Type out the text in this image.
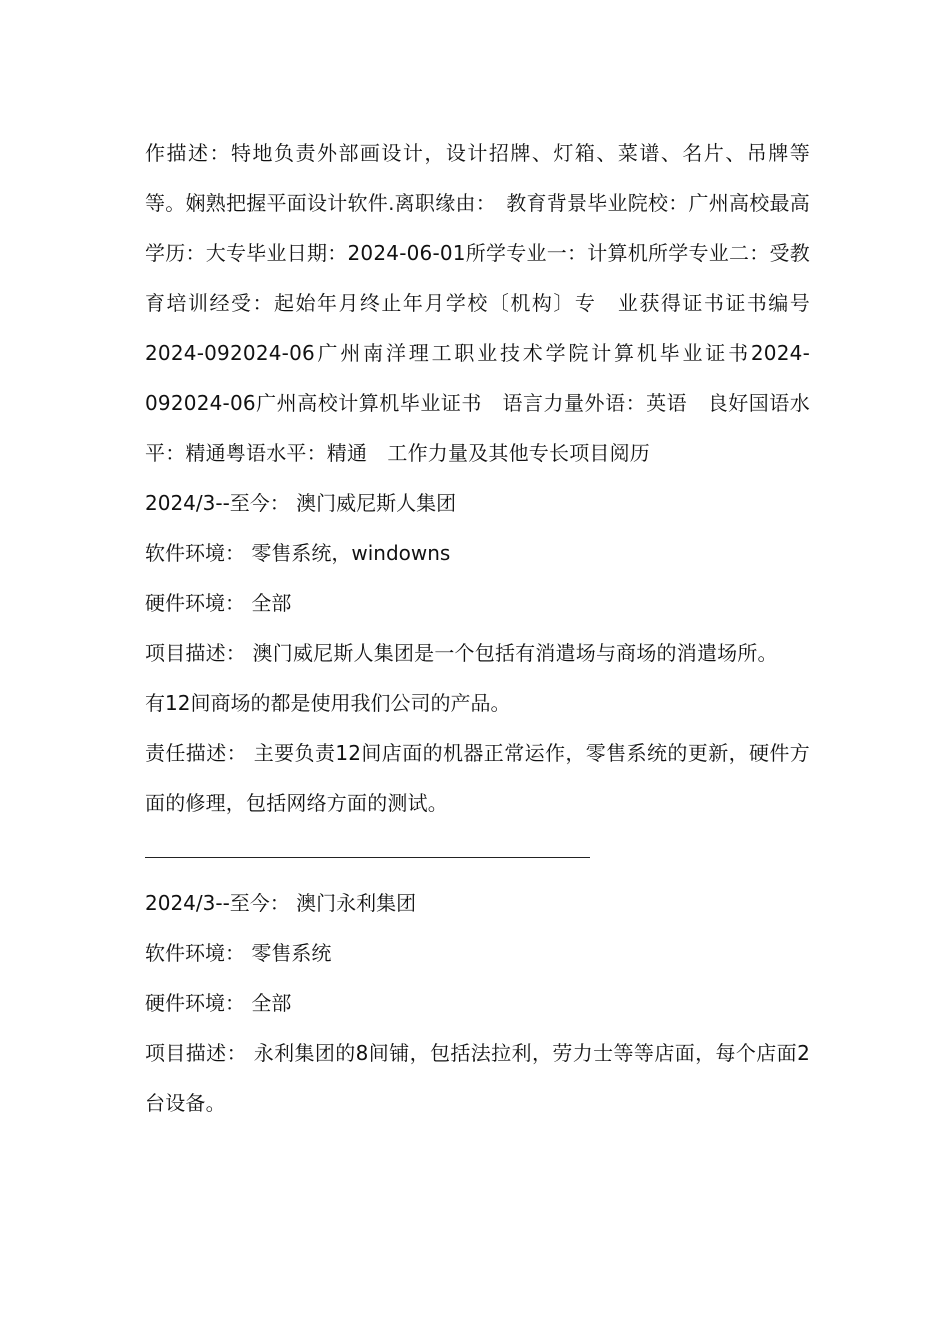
作描述：特地负责外部画设计，设计招牌、灯箱、菜谱、名片、吊牌等等。娴熟把握平面设计软件.离职缘由：　教育背景毕业院校：广州高校最高学历：大专毕业日期：2024-06-01所学专业一：计算机所学专业二：受教育培训经受：起始年月终止年月学校〔机构〕专　业获得证书证书编号2024-092024-06广州南洋理工职业技术学院计算机毕业证书2024-092024-06广州高校计算机毕业证书　语言力量外语：英语　良好国语水平：精通粤语水平：精通　工作力量及其他专长项目阅历

2024/3--至今： 澳门威尼斯人集团

软件环境： 零售系统，windowns

硬件环境： 全部

项目描述： 澳门威尼斯人集团是一个包括有消遣场与商场的消遣场所。

有12间商场的都是使用我们公司的产品。

责任描述： 主要负责12间店面的机器正常运作，零售系统的更新，硬件方面的修理，包括网络方面的测试。

2024/3--至今： 澳门永利集团

软件环境： 零售系统

硬件环境： 全部

项目描述： 永利集团的8间铺，包括法拉利，劳力士等等店面，每个店面2台设备。
